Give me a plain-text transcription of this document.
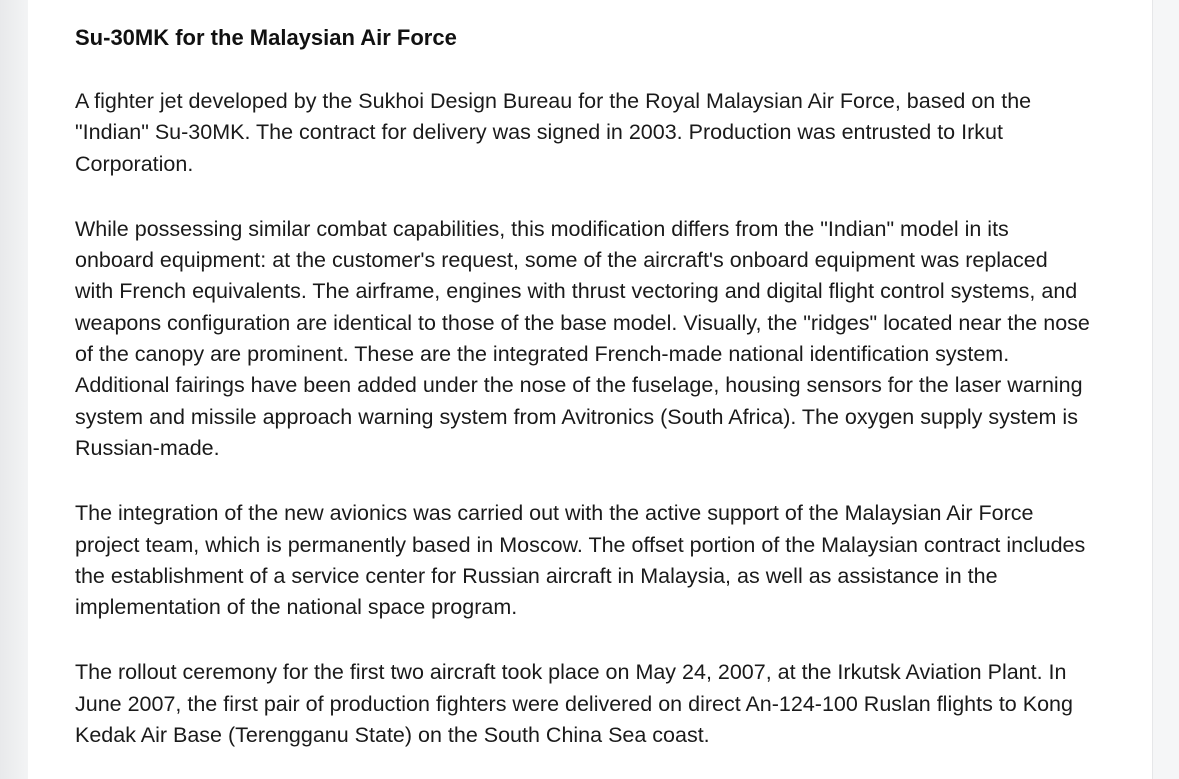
Su-30MK for the Malaysian Air Force

A fighter jet developed by the Sukhoi Design Bureau for the Royal Malaysian Air Force, based on the "Indian" Su-30MK. The contract for delivery was signed in 2003. Production was entrusted to Irkut Corporation.

While possessing similar combat capabilities, this modification differs from the "Indian" model in its onboard equipment: at the customer's request, some of the aircraft's onboard equipment was replaced with French equivalents. The airframe, engines with thrust vectoring and digital flight control systems, and weapons configuration are identical to those of the base model. Visually, the "ridges" located near the nose of the canopy are prominent. These are the integrated French-made national identification system. Additional fairings have been added under the nose of the fuselage, housing sensors for the laser warning system and missile approach warning system from Avitronics (South Africa). The oxygen supply system is Russian-made.

The integration of the new avionics was carried out with the active support of the Malaysian Air Force project team, which is permanently based in Moscow. The offset portion of the Malaysian contract includes the establishment of a service center for Russian aircraft in Malaysia, as well as assistance in the implementation of the national space program.

The rollout ceremony for the first two aircraft took place on May 24, 2007, at the Irkutsk Aviation Plant. In June 2007, the first pair of production fighters were delivered on direct An-124-100 Ruslan flights to Kong Kedak Air Base (Terengganu State) on the South China Sea coast.
